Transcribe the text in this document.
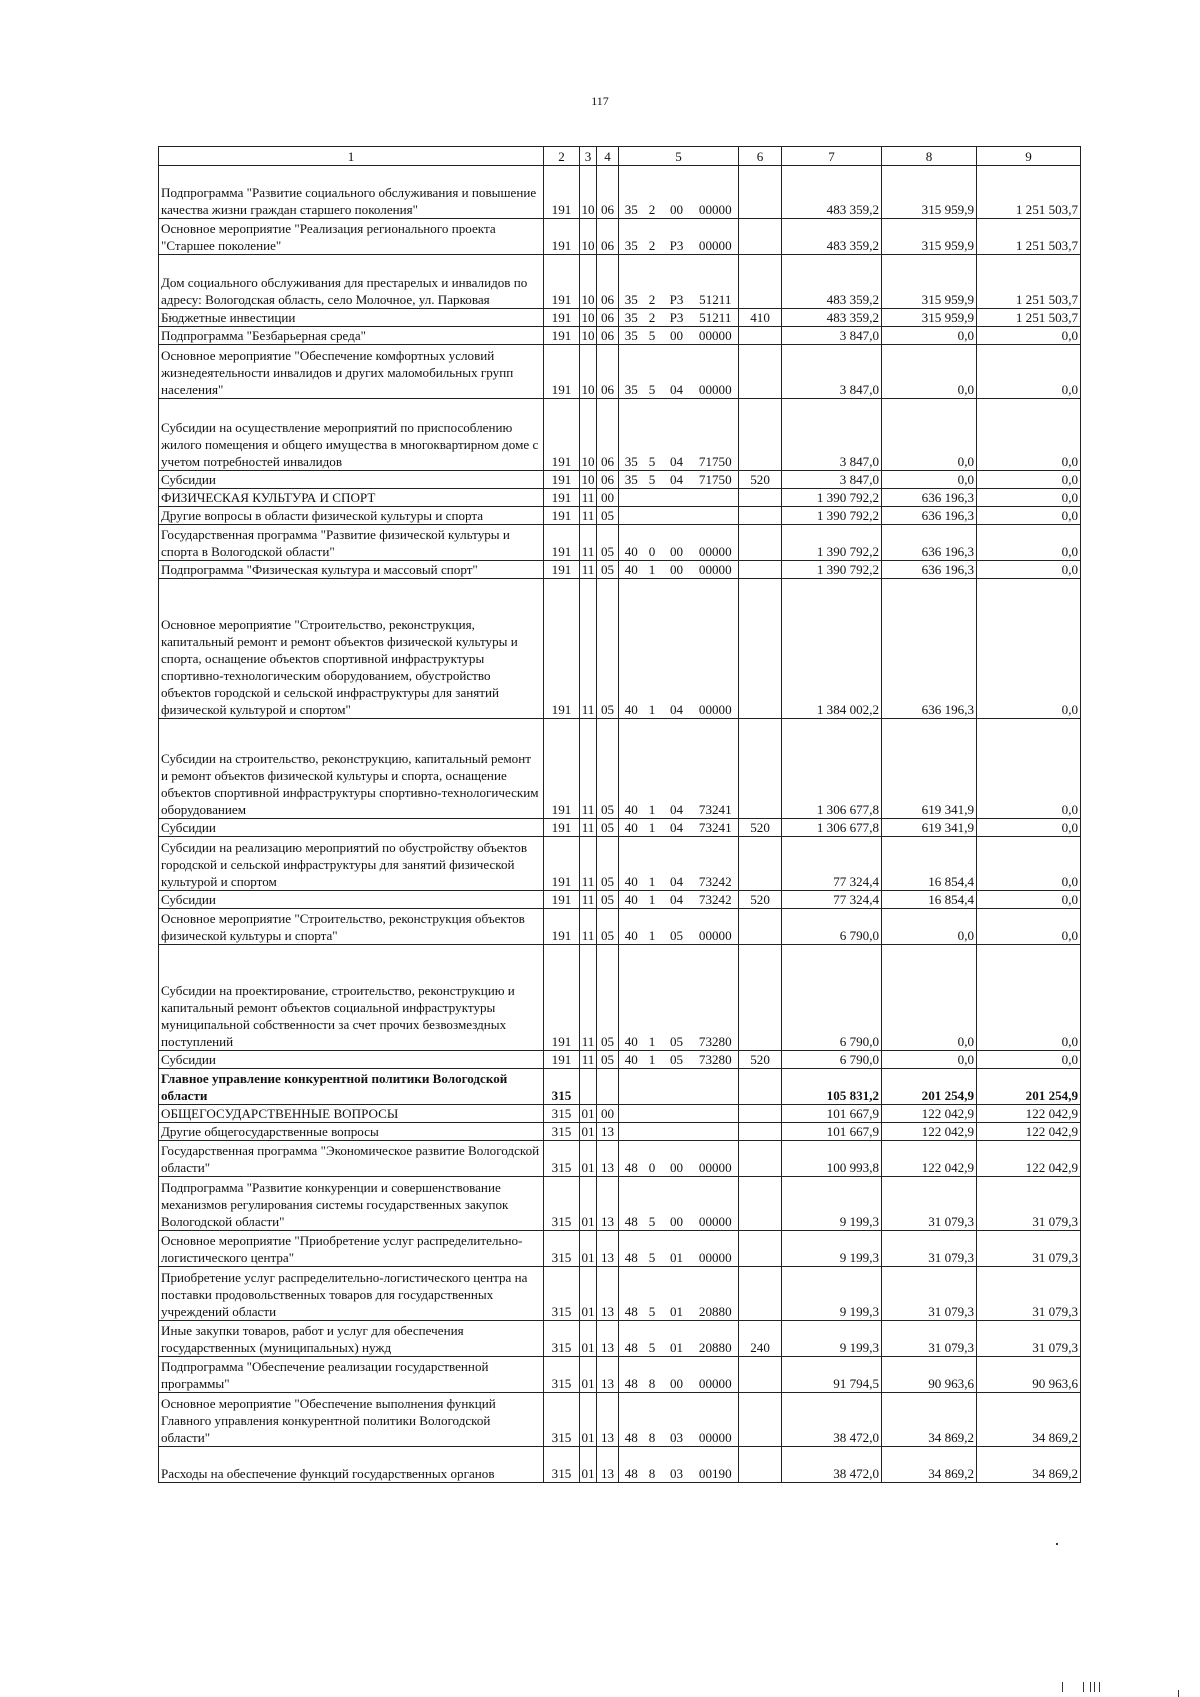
117
1	2	3	4	5				6	7	8	9
Подпрограмма "Развитие социального обслуживания и повышение качества жизни граждан старшего поколения"	191	10	06	35	2	00	00000		483 359,2	315 959,9	1 251 503,7
Основное мероприятие "Реализация регионального проекта "Старшее поколение"	191	10	06	35	2	P3	00000		483 359,2	315 959,9	1 251 503,7
Дом социального обслуживания для престарелых и инвалидов по адресу: Вологодская область, село Молочное, ул. Парковая	191	10	06	35	2	P3	51211		483 359,2	315 959,9	1 251 503,7
Бюджетные инвестиции	191	10	06	35	2	P3	51211	410	483 359,2	315 959,9	1 251 503,7
Подпрограмма "Безбарьерная среда"	191	10	06	35	5	00	00000		3 847,0	0,0	0,0
Основное мероприятие "Обеспечение комфортных условий жизнедеятельности инвалидов и других маломобильных групп населения"	191	10	06	35	5	04	00000		3 847,0	0,0	0,0
Субсидии на осуществление мероприятий по приспособлению жилого помещения и общего имущества в многоквартирном доме с учетом потребностей инвалидов	191	10	06	35	5	04	71750		3 847,0	0,0	0,0
Субсидии	191	10	06	35	5	04	71750	520	3 847,0	0,0	0,0
ФИЗИЧЕСКАЯ КУЛЬТУРА И СПОРТ	191	11	00						1 390 792,2	636 196,3	0,0
Другие вопросы в области физической культуры и спорта	191	11	05						1 390 792,2	636 196,3	0,0
Государственная программа "Развитие физической культуры и спорта в Вологодской области"	191	11	05	40	0	00	00000		1 390 792,2	636 196,3	0,0
Подпрограмма "Физическая культура и массовый спорт"	191	11	05	40	1	00	00000		1 390 792,2	636 196,3	0,0
Основное мероприятие "Строительство, реконструкция, капитальный ремонт и ремонт объектов физической культуры и спорта, оснащение объектов спортивной инфраструктуры спортивно-технологическим оборудованием, обустройство объектов городской и сельской инфраструктуры для занятий физической культурой и спортом"	191	11	05	40	1	04	00000		1 384 002,2	636 196,3	0,0
Субсидии на строительство, реконструкцию, капитальный ремонт и ремонт объектов физической культуры и спорта, оснащение объектов спортивной инфраструктуры спортивно-технологическим оборудованием	191	11	05	40	1	04	73241		1 306 677,8	619 341,9	0,0
Субсидии	191	11	05	40	1	04	73241	520	1 306 677,8	619 341,9	0,0
Субсидии на реализацию мероприятий по обустройству объектов городской и сельской инфраструктуры для занятий физической культурой и спортом	191	11	05	40	1	04	73242		77 324,4	16 854,4	0,0
Субсидии	191	11	05	40	1	04	73242	520	77 324,4	16 854,4	0,0
Основное мероприятие "Строительство, реконструкция объектов физической культуры и спорта"	191	11	05	40	1	05	00000		6 790,0	0,0	0,0
Субсидии на проектирование, строительство, реконструкцию и капитальный ремонт объектов социальной инфраструктуры муниципальной собственности за счет прочих безвозмездных поступлений	191	11	05	40	1	05	73280		6 790,0	0,0	0,0
Субсидии	191	11	05	40	1	05	73280	520	6 790,0	0,0	0,0
Главное управление конкурентной политики Вологодской области	315								105 831,2	201 254,9	201 254,9
ОБЩЕГОСУДАРСТВЕННЫЕ ВОПРОСЫ	315	01	00						101 667,9	122 042,9	122 042,9
Другие общегосударственные вопросы	315	01	13						101 667,9	122 042,9	122 042,9
Государственная программа "Экономическое развитие Вологодской области"	315	01	13	48	0	00	00000		100 993,8	122 042,9	122 042,9
Подпрограмма "Развитие конкуренции и совершенствование механизмов регулирования системы государственных закупок Вологодской области"	315	01	13	48	5	00	00000		9 199,3	31 079,3	31 079,3
Основное мероприятие "Приобретение услуг распределительно-логистического центра"	315	01	13	48	5	01	00000		9 199,3	31 079,3	31 079,3
Приобретение услуг распределительно-логистического центра на поставки продовольственных товаров для государственных учреждений области	315	01	13	48	5	01	20880		9 199,3	31 079,3	31 079,3
Иные закупки товаров, работ и услуг для обеспечения государственных (муниципальных) нужд	315	01	13	48	5	01	20880	240	9 199,3	31 079,3	31 079,3
Подпрограмма "Обеспечение реализации государственной программы"	315	01	13	48	8	00	00000		91 794,5	90 963,6	90 963,6
Основное мероприятие "Обеспечение выполнения функций Главного управления конкурентной политики Вологодской области"	315	01	13	48	8	03	00000		38 472,0	34 869,2	34 869,2
Расходы на обеспечение функций государственных органов	315	01	13	48	8	03	00190		38 472,0	34 869,2	34 869,2
